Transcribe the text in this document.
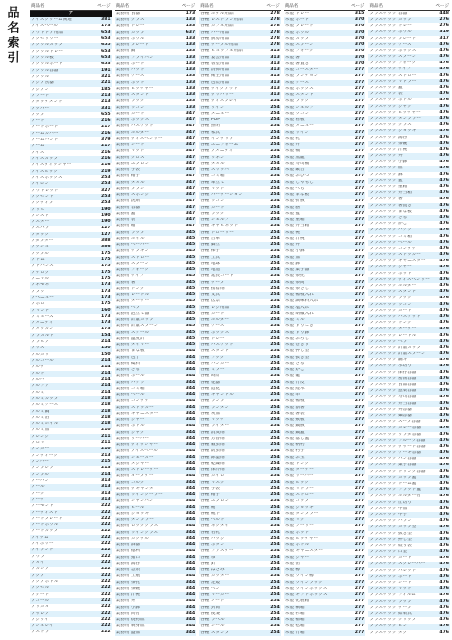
品名索引	商品名	ページ
ア
アイスクリーム関連	381
アイスペール	173
アウトドア用品	653
アクセサリー	653
アクリルカップ	655
アクリルトレー	653
アクリル板	653
アクリルボード	653
アクリル容器	191
アクリル	321
アジア食器	221
アジアン	185
アソート	213
アタッチメント	213
アッパー	331
アップ	655
アート	216
アートボード	217
アームカバー	216
アームバンド	379
アーム	217
アイス	216
アイスカップ	216
アイスディッシャー	216
アイスピック	219
アイスボックス	253
アイロン	253
アウトレット	327
アクセント	253
アクティブ	253
アサヒ	190
アシスト	190
アスター	190
アスパラ	127
アタック	127
アダプター	388
アッシュ	386
アップル	175
アトム	175
アドバンス	175
アナログ	175
アニマル	175
アネモネ	173
アプリ	173
アベニュー	173
アポロ	175
アマンド	160
アミューズ	173
アメニティ	173
アメリカン	173
アラカルト	154
アラビア	214
アリス	150
アルカリ	150
アルコール	214
アルテ	214
アルト	214
アルバ	214
アルファ	214
アルミ	214
アルミカップ	218
アルミケース	218
アルミ鍋	218
アルミ箔	218
アルミホイル	218
アルミ皿	210
アレンジ	211
アロマ	211
アンカー	210
アンティーク	213
アンバー	215
アンブレラ	213
アンプル	214
アーバン	313
アール	313
アーク	313
アーチ	313
アーモンド	222
アーティスト	222
アートプレート	222
アートボウル	222
アートカップ	222
アイテム	222
アイボリー	222
アイランド	222
アウラ	222
アオイ	222
アカシア	222
アクア	222
アクアボトル	222
アクセル	222
アゲート	222
アコール	222
アサガオ	222
アザレア	222
アジサイ	222
アシュレイ	222
アストラ	222
商品名	ページ
業務用 食器	173
業務用 グラス	133
業務用 トレー	133
業務用 カップ	637
業務用 ボウル	133
業務用 プレート	133
業務用 鍋	133
業務用 フライパン	133
業務用 ボード	133
業務用 バット	133
業務用 ケース	133
業務用 ポット	133
業務用 ピッチャー	133
業務用 スタンド	133
業務用 ラック	133
業務用 ワゴン	133
業務用 カート	347
業務用 ボックス	347
業務用 バスケット	347
業務用 ホルダー	347
業務用 ディスペンサー	347
業務用 シート	347
業務用 マット	347
業務用 クロス	347
業務用 エプロン	347
業務用 手袋	347
業務用 帽子	347
業務用 タオル	347
業務用 ブラシ	347
業務用 スポンジ	347
業務用 洗剤	347
業務用 容器	347
業務用 蓋	347
業務用 袋	347
業務用 箱	347
業務用 ラップ	345
業務用 ホイル	345
業務用 ペーパー	345
業務用 ナプキン	345
業務用 ストロー	345
業務用 スプーン	345
業務用 フォーク	345
業務用 ナイフ	345
業務用 箸	345
業務用 トング	345
業務用 レードル	345
業務用 ターナー	345
業務用 ヘラ	345
業務用 泡立て器	345
業務用 計量カップ	345
業務用 計量スプーン	345
業務用 スケール	345
業務用 温度計	345
業務用 タイマー	345
業務用 まな板	344
業務用 包丁	344
業務用 砥石	344
業務用 ざる	344
業務用 ボール	344
業務用 バケツ	344
業務用 ゴミ箱	344
業務用 ペール	344
業務用 コンテナ	344
業務用 ストッカー	344
業務用 キャニスター	344
業務用 ジャー	344
業務用 ボトル	344
業務用 ジャグ	344
業務用 サーバー	344
業務用 ディッシャー	344
業務用 アイスペール	344
業務用 シェーカー	344
業務用 メジャー	344
業務用 ストレーナー	344
業務用 オープナー	344
業務用 コルク	344
業務用 デキャンタ	344
業務用 ワインクーラー	344
業務用 シャンパン	344
業務用 ビール	344
業務用 ジョッキ	344
業務用 タンブラー	344
業務用 ロックグラス	344
業務用 ワイングラス	344
業務用 カクテル	344
業務用 酒器	344
業務用 徳利	344
業務用 猪口	344
業務用 湯呑	344
業務用 急須	344
業務用 土瓶	344
業務用 茶托	344
業務用 茶碗	344
業務用 汁椀	344
業務用 丼	344
業務用 小鉢	344
業務用 向付	344
業務用 焼物皿	344
業務用 刺身皿	344
業務用 盛皿	344
商品名	ページ
各種 ホテル用品	278
各種 レストラン用品	278
各種 カフェ用品	278
各種 バー用品	278
各種 厨房用品	278
各種 テーブル用品	278
各種 ビュッフェ用品	313
各種 宴会用品	313
各種 客室用品	313
各種 清掃用品	313
各種 衛生用品	313
各種 包装用品	313
各種 テイクアウト	313
各種 デリバリー	313
各種 ディスプレイ	254
各種 サイン	254
各種 メニュー	254
各種 POP	254
各種 照明	254
各種 家具	254
各種 インテリア	254
各種 ユニフォーム	254
各種 アメニティ	254
各種 リネン	254
各種 タオル	254
各種 スリッパ	254
各種 ゴミ箱	254
各種 傘立て	254
各種 マット	254
各種 パーテーション	254
各種 ワゴン	254
各種 カート	254
各種 ラック	254
各種 シェルフ	254
各種 キャビネット	254
各種 トローリー	254
各種 台車	254
各種 脚立	254
各種 梯子	254
各種 工具	254
各種 電球	254
各種 電池	254
各種 延長コード	254
各種 テープ	254
各種 接着剤	254
各種 文具	254
各種 伝票	254
各種 レジ用品	254
各種 カード	254
各種 ホルダー	254
各種 ケース	254
各種 ボックス	254
各種 トレー	254
各種 バスケット	254
各種 スタンド	254
各種 フック	254
各種 ハンガー	254
各種 ミラー	254
各種 時計	254
各種 花器	254
各種 造花	254
各種 キャンドル	254
各種 ランプ	254
各種 ランタン	254
各種 灰皿	254
各種 マッチ	254
各種 ライター	254
各種 消臭剤	254
各種 芳香剤	254
各種 殺虫剤	254
各種 防虫剤	254
各種 除湿剤	254
各種 乾燥剤	254
各種 保冷剤	254
各種 カイロ	254
各種 マスク	254
各種 手袋	254
各種 帽子	254
各種 エプロン	254
各種 靴	254
各種 靴下	254
各種 ベルト	254
各種 ネクタイ	254
各種 名札	254
各種 バッジ	254
各種 ボタン	254
各種 ファスナー	254
各種 糸	254
各種 針	254
各種 はさみ	254
各種 カッター	254
各種 定規	254
各種 ペン	254
各種 マーカー	254
各種 ノート	254
各種 封筒	254
各種 便箋	254
各種 ラベル	254
各種 シール	254
各種 スタンプ	254
商品名	ページ
木製 トレー	315
木製 ボード	370
木製 プレート	370
木製 ボウル	370
木製 カップ	370
木製 スプーン	370
木製 フォーク	370
木製 箸	370
木製 箸置き	370
木製 コースター	277
木製 ランチョン	277
木製 ケース	277
木製 ボックス	277
木製 スタンド	277
木製 ラック	277
木製 シェルフ	277
木製 ワゴン	277
木製 看板	277
木製 メニュー	277
木製 サイン	277
木製 札	277
木製 升	277
木製 桶	277
木製 蒸籠	277
木製 寿司桶	277
木製 飯台	277
木製 おひつ	277
木製 しゃもじ	277
木製 へら	277
木製 まな板	277
木製 折敷	277
木製 膳	277
木製 盆	277
木製 重箱	277
木製 弁当箱	277
木製 椀	277
木製 汁椀	277
木製 丼	277
木製 小鉢	277
木製 皿	277
木製 鉢	277
木製 菓子器	277
木製 茶托	277
木製 茶筒	277
木製 茶さじ	277
木製 楊枝入れ	277
木製 調味料入れ	277
木製 塩入れ	277
木製 胡椒入れ	277
木製 ミル	277
木製 すりこぎ	277
木製 すり鉢	277
木製 おろし	277
木製 巻きす	277
木製 押し型	277
木製 抜き型	277
木製 ざる	277
木製 かご	277
木製 籠	277
木製 竹皮	277
木製 経木	277
木製 串	277
木製 楊枝	277
木製 割箸	277
木製 箸袋	277
木製 敷板	277
木製 鍋敷	277
木製 鍋蓋	277
木製 落し蓋	277
木製 柄杓	277
木製 杓子	277
木製 お玉	277
木製 トング	277
木製 ターナー	277
木製 サーバー	277
木製 ピック	277
木製 マドラー	277
木製 ストロー	277
木製 コップ	277
木製 ジョッキ	277
木製 タンブラー	277
木製 マグ	277
木製 ソーサー	277
木製 ポット	277
木製 ピッチャー	277
木製 ボトル	277
木製 キャニスター	277
木製 ジャー	277
木製 缶	277
木製 樽	277
木製 ワイン樽	277
木製 ワインラック	277
木製 ワインボックス	277
木製 ギフトボックス	277
木製 化粧箱	277
木製 桐箱	277
木製 杉箱	277
木製 檜箱	277
木製 松箱	277
木製 竹箱	277
商品名	ページ
プラスチック 容器	448
プラスチック カップ	276
プラスチック トレー	276
プラスチック ボウル	319
プラスチック プレート	317
プラスチック ケース	476
プラスチック ボックス	476
プラスチック スプーン	476
プラスチック フォーク	476
プラスチック ナイフ	476
プラスチック ストロー	476
プラスチック マドラー	476
プラスチック 蓋	476
プラスチック 袋	476
プラスチック ボトル	476
プラスチック ジャグ	476
プラスチック ピッチャー	476
プラスチック タンブラー	476
プラスチック グラス	476
プラスチック ジョッキ	476
プラスチック 湯呑	476
プラスチック 茶碗	476
プラスチック 汁椀	476
プラスチック 丼	476
プラスチック 小鉢	476
プラスチック 皿	476
プラスチック 鉢	476
プラスチック 盆	476
プラスチック 重箱	476
プラスチック 弁当箱	476
プラスチック 箸	476
プラスチック 箸置き	476
プラスチック まな板	476
プラスチック ざる	476
プラスチック かご	476
プラスチック バケツ	476
プラスチック ゴミ箱	476
プラスチック ペール	476
プラスチック コンテナ	476
プラスチック ストッカー	476
プラスチック キャニスター	476
プラスチック ジャー	476
プラスチック ポット	476
プラスチック ディスペンサー	476
プラスチック ホルダー	476
プラスチック スタンド	476
プラスチック ラック	476
プラスチック ワゴン	476
プラスチック カート	476
プラスチック バスケット	476
プラスチック トング	476
プラスチック ターナー	476
プラスチック レードル	476
プラスチック ヘラ	476
プラスチック 計量カップ	476
プラスチック 計量スプーン	476
プラスチック 漏斗	476
プラスチック 水切り	476
プラスチック 保存容器	476
プラスチック 密閉容器	476
プラスチック 食品容器	476
プラスチック 惣菜容器	476
プラスチック 寿司容器	476
プラスチック 弁当容器	476
プラスチック 丼容器	476
プラスチック 麺容器	476
プラスチック スープ容器	476
プラスチック カレー容器	476
プラスチック サラダ容器	476
プラスチック フルーツ容器	476
プラスチック デザート容器	476
プラスチック ケーキ容器	476
プラスチック パン容器	476
プラスチック 菓子容器	476
プラスチック ドリンク容器	476
プラスチック カップ蓋	476
プラスチック ドーム蓋	476
プラスチック フラット蓋	476
プラスチック ホルダー付	476
プラスチック 仕切り	476
プラスチック 中皿	476
プラスチック 中子	476
プラスチック バラン	476
プラスチック カップ型	476
プラスチック 抜き型	476
プラスチック 押し型	476
プラスチック 絞り袋	476
プラスチック 口金	476
プラスチック カード	476
プラスチック スクレーパー	476
プラスチック パレット	476
プラスチック ボード	476
プラスチック シート	476
プラスチック マット	476
プラスチック フィルム	476
プラスチック ラップ	476
プラスチック テープ	476
プラスチック 結束具	476
プラスチック クリップ	476
プラスチック ピン	476
プラスチック タグ	476
